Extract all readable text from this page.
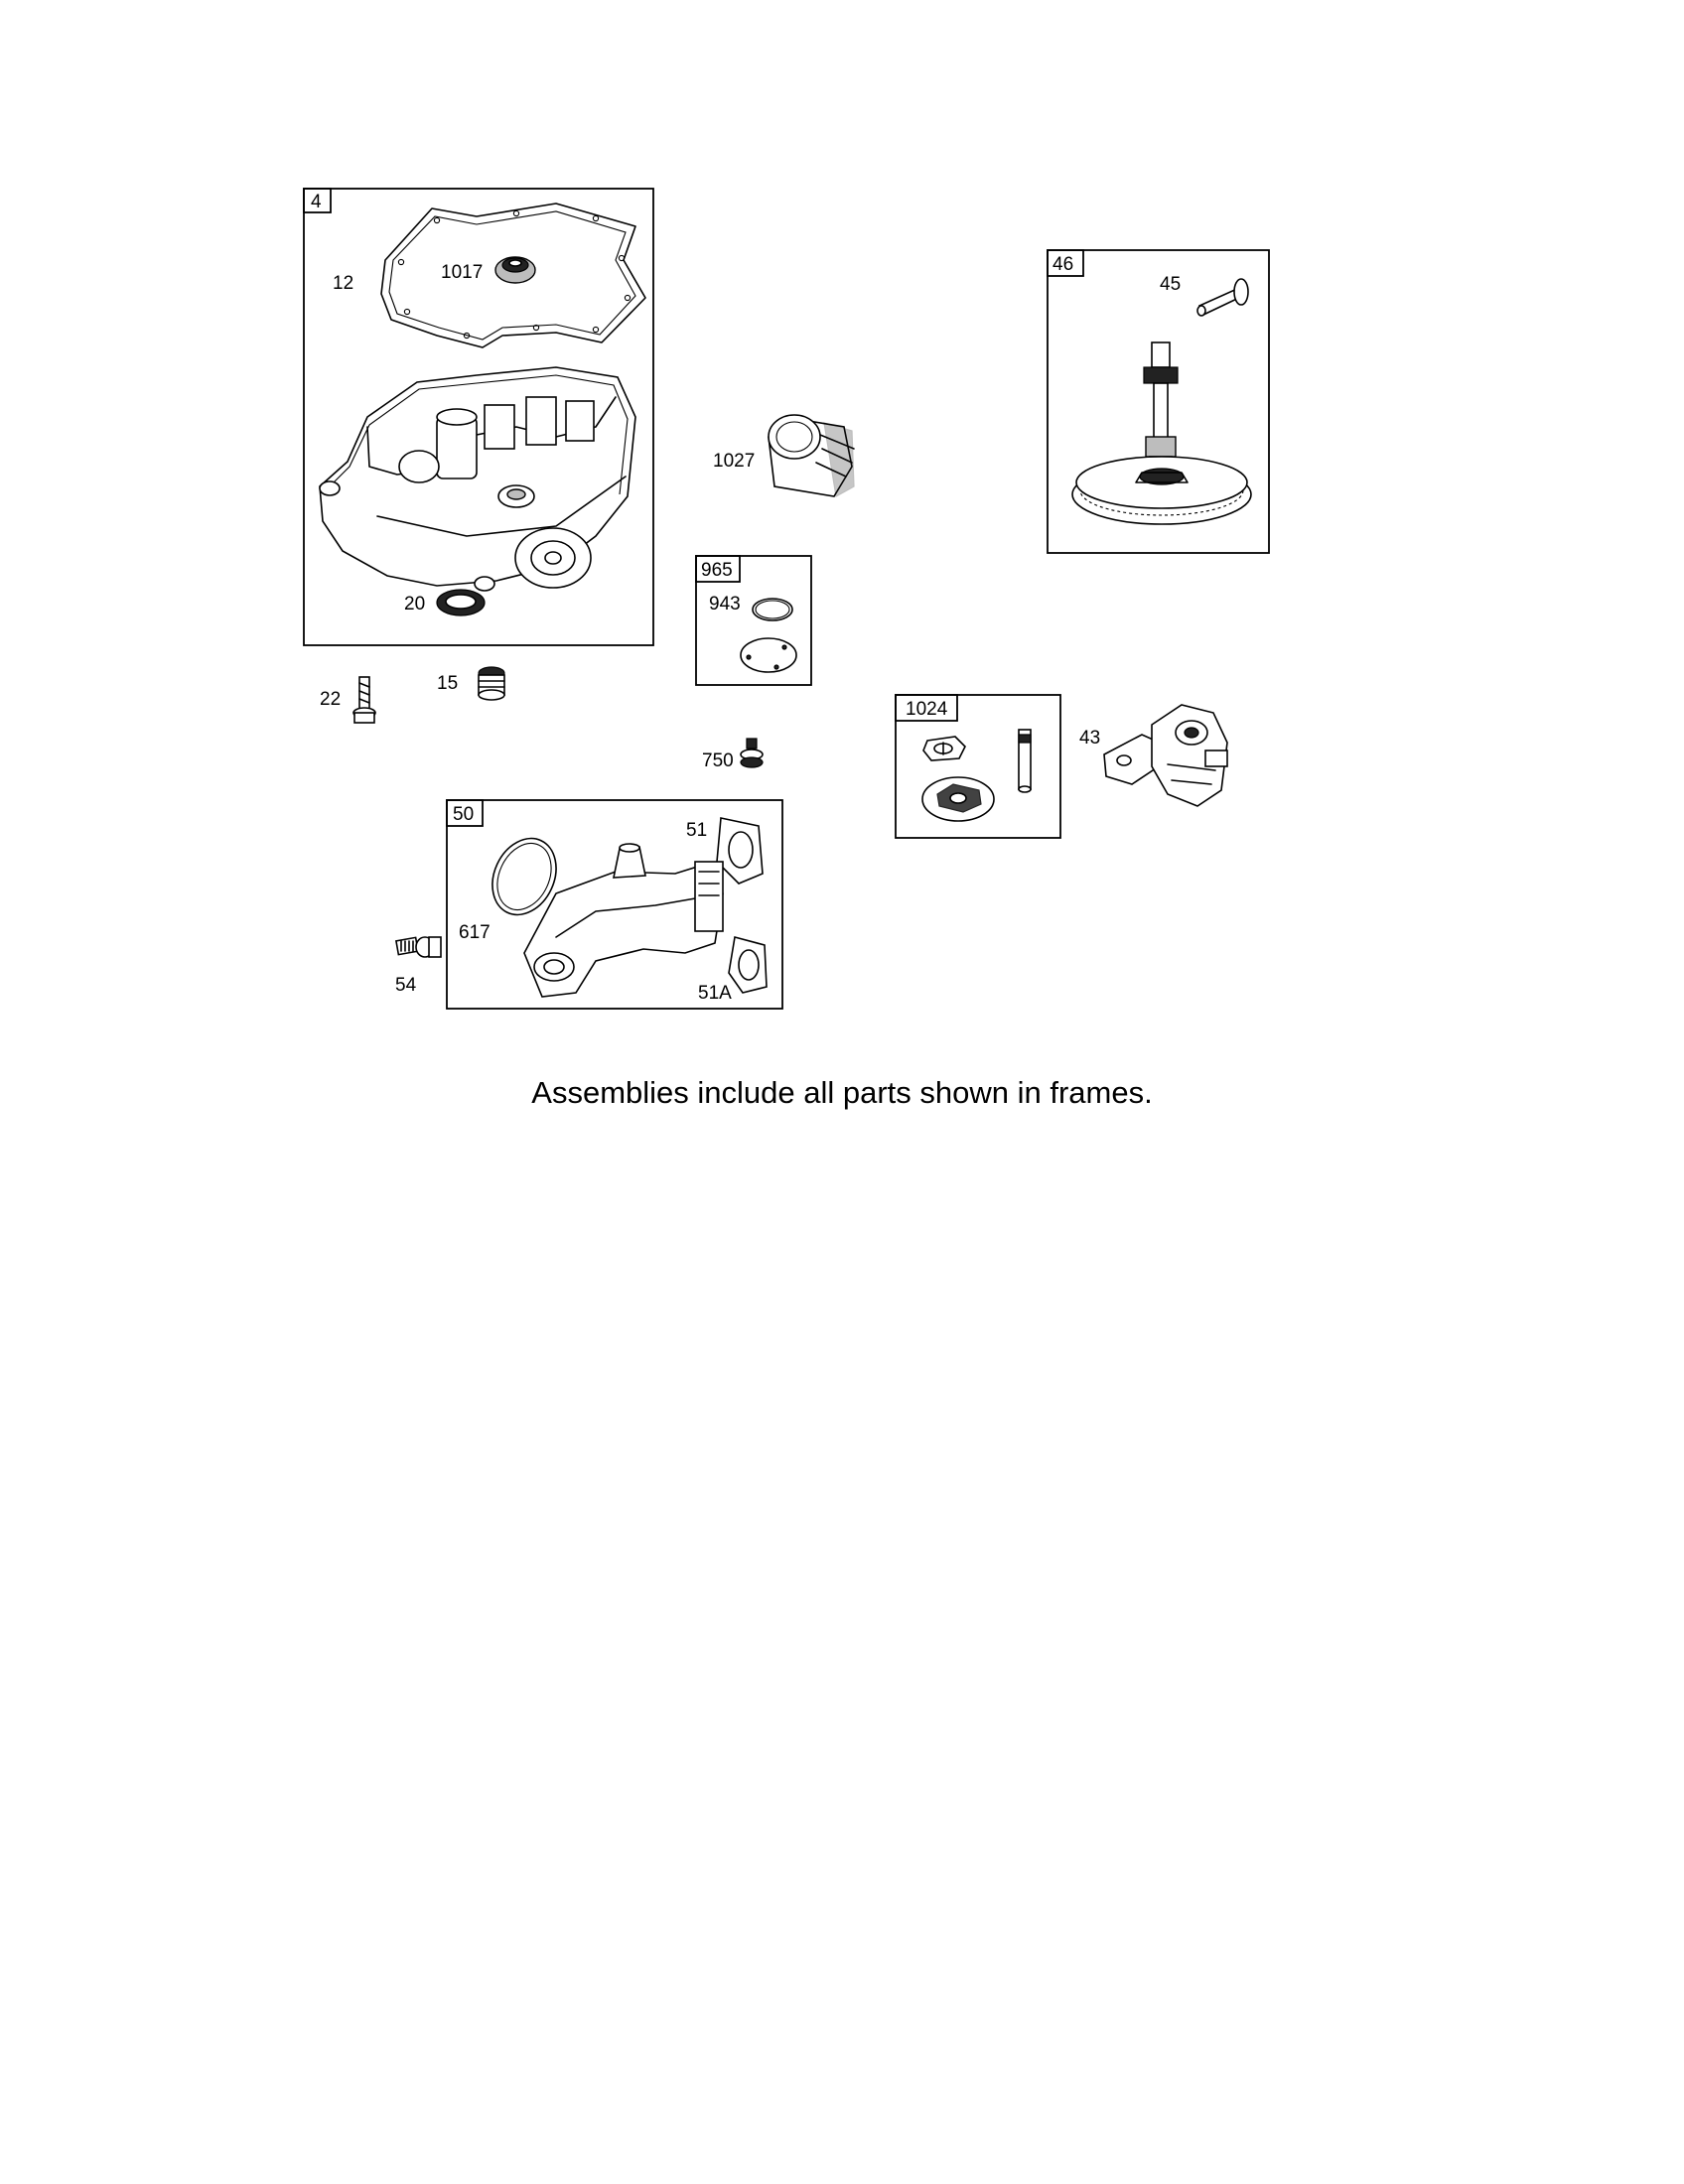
4
12
1017
20
46
45
1027
965
943
22
15
750
1024
43
50
51
617
51A
54
Assemblies include all parts shown in frames.
